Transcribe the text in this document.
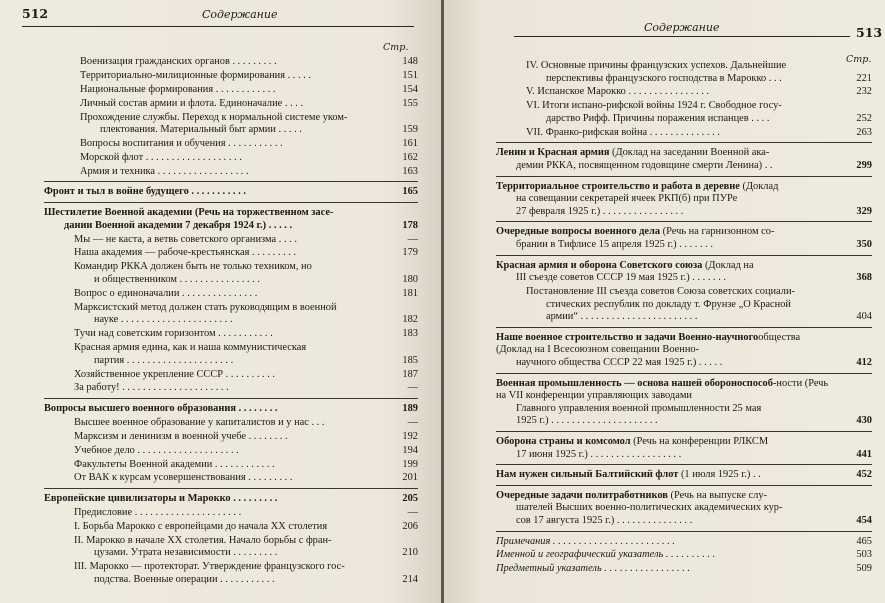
512	Содержание
Стр.
Военизация гражданских органов . . . . . . . . .	148
Территориально-милиционные формирования . . . . .	151
Национальные формирования . . . . . . . . . . . .	154
Личный состав армии и флота. Единоначалие . . . .	155
Прохождение службы. Переход к нормальной системе уком-
плектования. Материальный быт армии . . . . .	159
Вопросы воспитания и обучения . . . . . . . . . . .	161
Морской флот . . . . . . . . . . . . . . . . . . .	162
Армия и техника . . . . . . . . . . . . . . . . . .	163
Фронт и тыл в войне будущего . . . . . . . . . . .	165
Шестилетие Военной академии (Речь на торжественном засе-
дании Военной академии 7 декабря 1924 г.) . . . . .	178
Мы — не каста, а ветвь советского организма . . . .	—
Наша академия — рабоче-крестьянская . . . . . . . . .	179
Командир РККА должен быть не только техником, но
и общественником . . . . . . . . . . . . . . . .	180
Вопрос о единоначалии . . . . . . . . . . . . . . .	181
Марксистский метод должен стать руководящим в военной
науке . . . . . . . . . . . . . . . . . . . . . .	182
Тучи над советским горизонтом . . . . . . . . . . .	183
Красная армия едина, как и наша коммунистическая
партия . . . . . . . . . . . . . . . . . . . . .	185
Хозяйственное укрепление СССР . . . . . . . . . .	187
За работу! . . . . . . . . . . . . . . . . . . . . .	—
Вопросы высшего военного образования . . . . . . . .	189
Высшее военное образование у капиталистов и у нас . . .	—
Марксизм и ленинизм в военной учебе . . . . . . . .	192
Учебное дело . . . . . . . . . . . . . . . . . . . .	194
Факультеты Военной академии . . . . . . . . . . . .	199
От ВАК к курсам усовершенствования . . . . . . . . .	201
Европейские цивилизаторы и Марокко . . . . . . . . .	205
Предисловие . . . . . . . . . . . . . . . . . . . . .	—
I. Борьба Марокко с европейцами до начала XX столетия	206
II. Марокко в начале XX столетия. Начало борьбы с фран-
цузами. Утрата независимости . . . . . . . . .	210
III. Марокко — протекторат. Утверждение французского гос-
подства. Военные операции . . . . . . . . . . .	214
513
Содержание
Стр.
IV. Основные причины французских успехов. Дальнейшие
перспективы французского господства в Марокко . . .	221
V. Испанское Марокко . . . . . . . . . . . . . . . .	232
VI. Итоги испано-рифской войны 1924 г. Свободное госу-
дарство Рифф. Причины поражения испанцев . . . .	252
VII. Франко-рифская война . . . . . . . . . . . . . .	263
Ленин и Красная армия (Доклад на заседании Военной ака-
демии РККА, посвященном годовщине смерти Ленина) . .	299
Территориальное строительство и работа в деревне (Доклад
на совещании секретарей ячеек РКП(б) при ПУРе
27 февраля 1925 г.) . . . . . . . . . . . . . . . .	329
Очередные вопросы военного дела (Речь на гарнизонном со-
брании в Тифлисе 15 апреля 1925 г.) . . . . . . .	350
Красная армия и оборона Советского союза (Доклад на
III съезде советов СССР 19 мая 1925 г.) . . . . . . .	368
Постановление III съезда советов Союза советских социали-
стических республик по докладу т. Фрунзе „О Красной
армии“ . . . . . . . . . . . . . . . . . . . . . . .	404
Наше военное строительство и задачи Военно-научногообщества (Доклад на I Всесоюзном совещании Военно-
научного общества СССР 22 мая 1925 г.) . . . . .	412
Военная промышленность — основа нашей обороноспособ-ности (Речь на VII конференции управляющих заводами
Главного управления военной промышленности 25 мая
1925 г.) . . . . . . . . . . . . . . . . . . . . .	430
Оборона страны и комсомол (Речь на конференции РЛКСМ
17 июня 1925 г.) . . . . . . . . . . . . . . . . . .	441
Нам нужен сильный Балтийский флот (1 июля 1925 г.) . .	452
Очередные задачи политработников (Речь на выпуске слу-
шателей Высших военно-политических академических кур-
сов 17 августа 1925 г.) . . . . . . . . . . . . . . .	454
Примечания . . . . . . . . . . . . . . . . . . . . . . . .	465
Именной и географический указатель . . . . . . . . . .	503
Предметный указатель . . . . . . . . . . . . . . . . .	509
